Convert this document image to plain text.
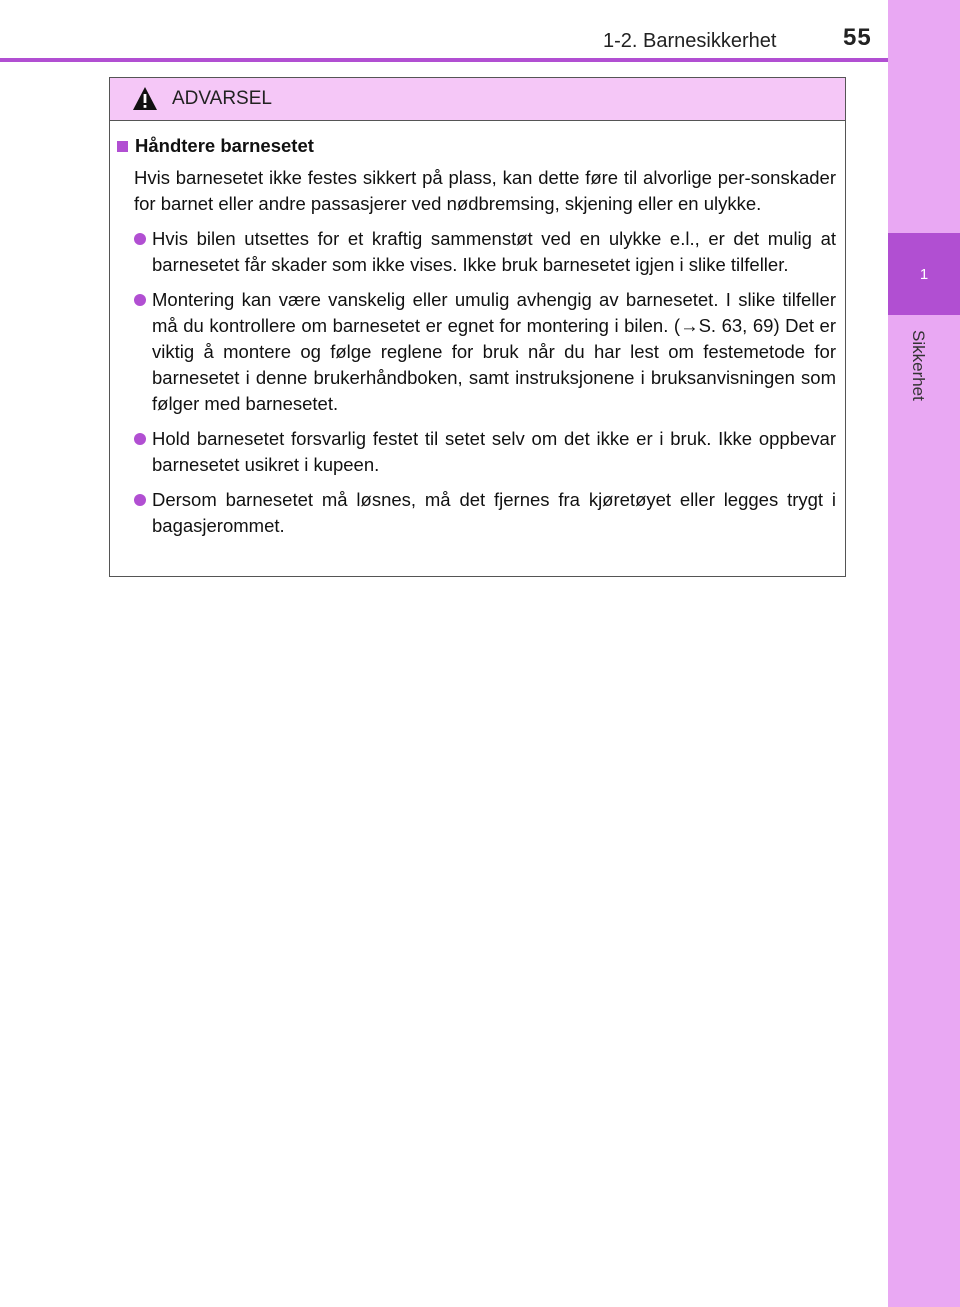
1
Sikkerhet
1-2. Barnesikkerhet	55
ADVARSEL
Håndtere barnesetet
Hvis barnesetet ikke festes sikkert på plass, kan dette føre til alvorlige per-sonskader for barnet eller andre passasjerer ved nødbremsing, skjening eller en ulykke.
Hvis bilen utsettes for et kraftig sammenstøt ved en ulykke e.l., er det mulig at barnesetet får skader som ikke vises. Ikke bruk barnesetet igjen i slike tilfeller.
Montering kan være vanskelig eller umulig avhengig av barnesetet. I slike tilfeller må du kontrollere om barnesetet er egnet for montering i bilen. (→S. 63, 69) Det er viktig å montere og følge reglene for bruk når du har lest om festemetode for barnesetet i denne brukerhåndboken, samt instruksjonene i bruksanvisningen som følger med barnesetet.
Hold barnesetet forsvarlig festet til setet selv om det ikke er i bruk. Ikke oppbevar barnesetet usikret i kupeen.
Dersom barnesetet må løsnes, må det fjernes fra kjøretøyet eller legges trygt i bagasjerommet.
